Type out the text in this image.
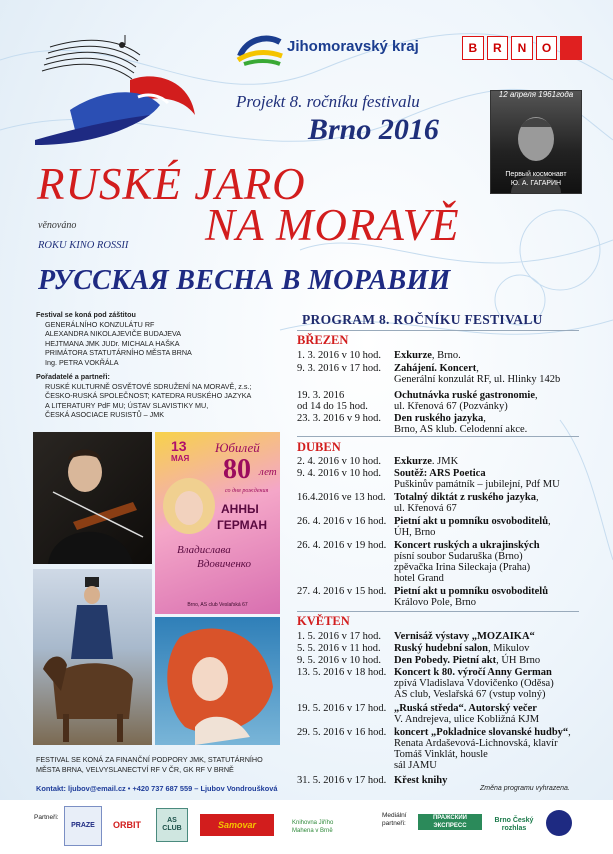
Jihomoravský kraj	B	R	N	O
Projekt 8. ročníku festivalu
Brno 2016
12 апреля 1961года
Первый космонавт
Ю. А. ГАГАРИН
RUSKÉ JARO
NA MORAVĚ
věnováno
ROKU KINO ROSSII
РУССКАЯ ВЕСНА В МОРАВИИ
Festival se koná pod záštitou
GENERÁLNÍHO KONZULÁTU RF
ALEXANDRA NIKOLAJEVIČE BUDAJEVA
HEJTMANA JMK JUDr. MICHALA HAŠKA
PRIMÁTORA STATUTÁRNÍHO MĚSTA BRNA
Ing. PETRA VOKŘÁLA
Pořadatelé a partneři:
RUSKÉ KULTURNĚ OSVĚTOVÉ SDRUŽENÍ NA MORAVĚ, z.s.;
ČESKO-RUSKÁ SPOLEČNOST; KATEDRA RUSKÉHO JAZYKA
A LITERATURY PdF MU; ÚSTAV SLAVISTIKY MU,
ČESKÁ ASOCIACE RUSISTŮ – JMK
13
МАЯ
Юбилей
80 лет
со дня рождения
АННЫ
ГЕРМАН
Владислава
Вдовиченко
Brno, AS club Veslařská 67
FESTIVAL SE KONÁ ZA FINANČNÍ PODPORY JMK, STATUTÁRNÍHO
MĚSTA BRNA, VELVYSLANECTVÍ RF V ČR, GK RF V BRNĚ
Kontakt: ljubov@email.cz • +420 737 687 559 – Ljubov Vondroušková
PROGRAM 8. ROČNÍKU FESTIVALU
BŘEZEN
1. 3. 2016 v 10 hod.	Exkurze, Brno.
9. 3. 2016 v 17 hod.	Zahájení. Koncert,
Generální konzulát RF, ul. Hlinky 142b
19. 3. 2016
od 14 do 15 hod.
Ochutnávka ruské gastronomie,
ul. Křenová 67 (Pozvánky)
23. 3. 2016 v 9 hod.	Den ruského jazyka,
Brno, AS klub. Celodenní akce.
DUBEN
2. 4. 2016 v 10 hod.	Exkurze. JMK
9. 4. 2016 v 10 hod.	Soutěž: ARS Poetica
Puškinův památník – jubilejní, Pdf MU
16.4.2016 ve 13 hod. Totalný diktát z ruského jazyka,
ul. Křenová 67
26. 4. 2016 v 16 hod. Pietní akt u pomníku osvoboditelů,
ÚH, Brno
26. 4. 2016 v 19 hod. Koncert ruských a ukrajinských
písní soubor Sudaruška (Brno)
zpěvačka Irina Sileckaja (Praha)
hotel Grand
27. 4. 2016 v 15 hod. Pietní akt u pomníku osvoboditelů
Královo Pole, Brno
KVĚTEN
1. 5. 2016 v 17 hod.	Vernisáž výstavy „MOZAIKA“
5. 5. 2016 v 11 hod.	Ruský hudební salon, Mikulov
9. 5. 2016 v 10 hod.	Den Pobedy. Pietní akt, ÚH Brno
13. 5. 2016 v 18 hod. Koncert k 80. výročí Anny German
zpívá Vladislava Vdovičenko (Oděsa)
AS club, Veslařská 67 (vstup volný)
19. 5. 2016 v 17 hod. „Ruská středa“. Autorský večer
V. Andrejeva, ulice Kobližná KJM
29. 5. 2016 v 16 hod. koncert „Pokladnice slovanské hudby“,
Renata Ardaševová-Lichnovská, klavír
Tomáš Vinklát, housle
sál JAMU
31. 5. 2016 v 17 hod. Křest knihy
Změna programu vyhrazena.
Partneři:
PRAZE	ORBIT	AS CLUB	Samovar	Knihovna Jiřího Mahena v Brně
Mediální partneři:
ПРАЖСКИЙ ЭКСПРЕСС
Brno Český rozhlas
